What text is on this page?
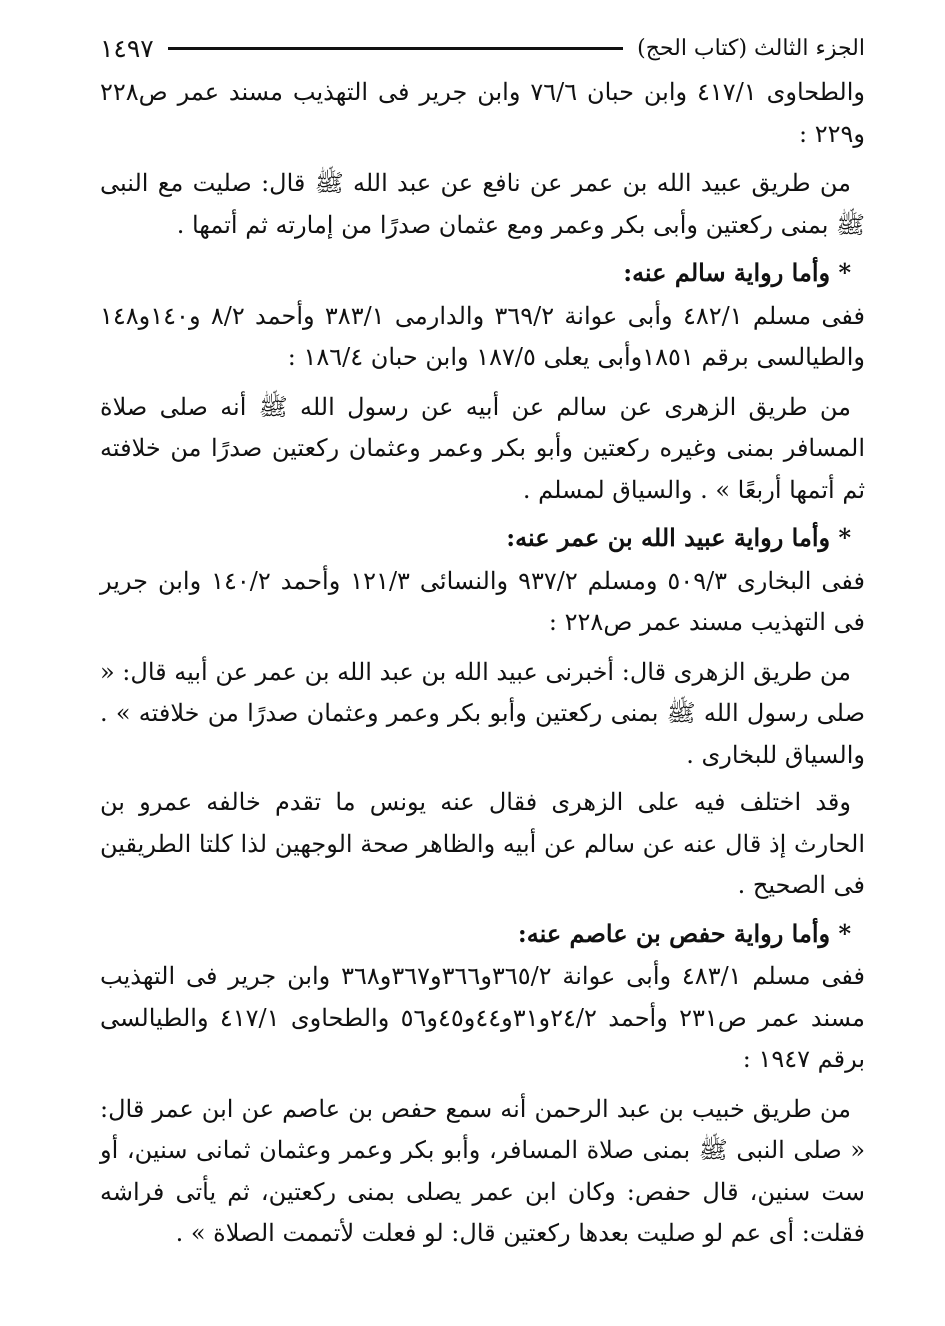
الجزء الثالث (كتاب الحج)
١٤٩٧

والطحاوى ٤١٧/١ وابن حبان ٧٦/٦ وابن جرير فى التهذيب مسند عمر ص٢٢٨ و٢٢٩ :

من طريق عبيد الله بن عمر عن نافع عن عبد الله ﷺ قال: صليت مع النبى ﷺ بمنى ركعتين وأبى بكر وعمر ومع عثمان صدرًا من إمارته ثم أتمها .

* وأما رواية سالم عنه:

ففى مسلم ٤٨٢/١ وأبى عوانة ٣٦٩/٢ والدارمى ٣٨٣/١ وأحمد ٨/٢ و١٤٠و١٤٨ والطيالسى برقم ١٨٥١وأبى يعلى ١٨٧/٥ وابن حبان ١٨٦/٤ :

من طريق الزهرى عن سالم عن أبيه عن رسول الله ﷺ أنه صلى صلاة المسافر بمنى وغيره ركعتين وأبو بكر وعمر وعثمان ركعتين صدرًا من خلافته ثم أتمها أربعًا » . والسياق لمسلم .

* وأما رواية عبيد الله بن عمر عنه:

ففى البخارى ٥٠٩/٣ ومسلم ٩٣٧/٢ والنسائى ١٢١/٣ وأحمد ١٤٠/٢ وابن جرير فى التهذيب مسند عمر ص٢٢٨ :

من طريق الزهرى قال: أخبرنى عبيد الله بن عبد الله بن عمر عن أبيه قال: « صلى رسول الله ﷺ بمنى ركعتين وأبو بكر وعمر وعثمان صدرًا من خلافته » . والسياق للبخارى .

وقد اختلف فيه على الزهرى فقال عنه يونس ما تقدم خالفه عمرو بن الحارث إذ قال عنه عن سالم عن أبيه والظاهر صحة الوجهين لذا كلتا الطريقين فى الصحيح .

* وأما رواية حفص بن عاصم عنه:

ففى مسلم ٤٨٣/١ وأبى عوانة ٣٦٥/٢و٣٦٦و٣٦٧و٣٦٨ وابن جرير فى التهذيب مسند عمر ص٢٣١ وأحمد ٢٤/٢و٣١و٤٤و٤٥و٥٦ والطحاوى ٤١٧/١ والطيالسى برقم ١٩٤٧ :

من طريق خبيب بن عبد الرحمن أنه سمع حفص بن عاصم عن ابن عمر قال: « صلى النبى ﷺ بمنى صلاة المسافر، وأبو بكر وعمر وعثمان ثمانى سنين، أو ست سنين، قال حفص: وكان ابن عمر يصلى بمنى ركعتين، ثم يأتى فراشه فقلت: أى عم لو صليت بعدها ركعتين قال: لو فعلت لأتممت الصلاة » .
